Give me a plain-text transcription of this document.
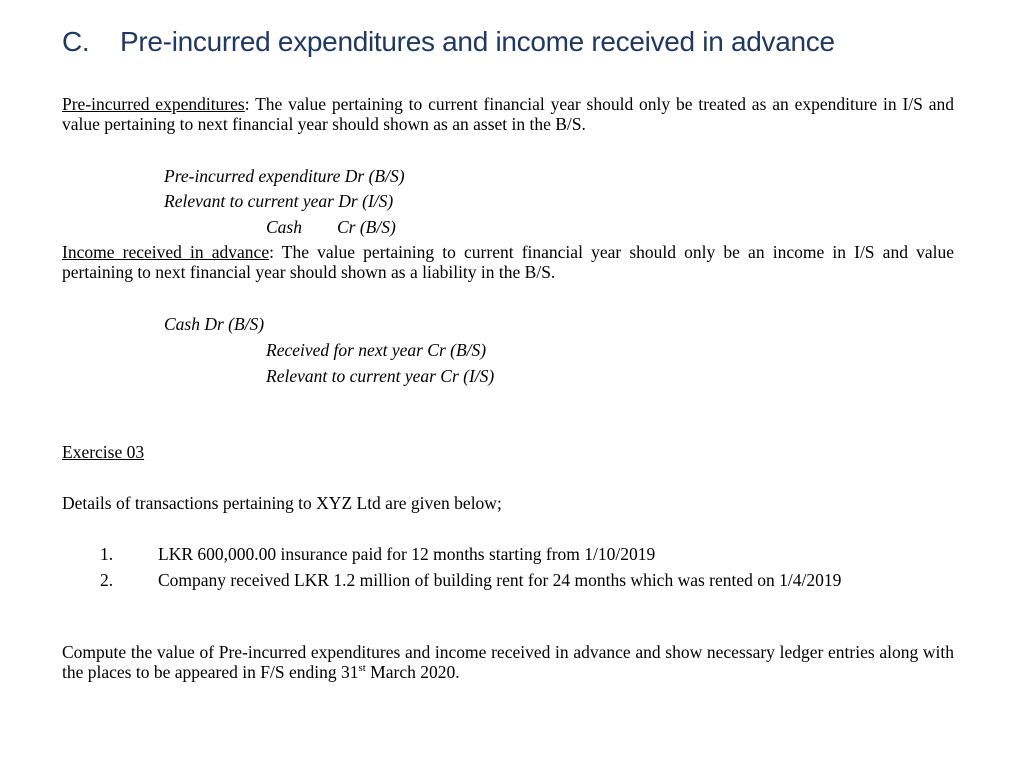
C. Pre-incurred expenditures and income received in advance
Pre-incurred expenditures: The value pertaining to current financial year should only be treated as an expenditure in I/S and value pertaining to next financial year should shown as an asset in the B/S.
Pre-incurred expenditure Dr (B/S)
Relevant to current year Dr (I/S)
Cash        Cr (B/S)
Income received in advance: The value pertaining to current financial year should only be an income in I/S and value pertaining to next financial year should shown as a liability in the B/S.
Cash Dr (B/S)
Received for next year Cr (B/S)
Relevant to current year Cr (I/S)
Exercise 03
Details of transactions pertaining to XYZ Ltd are given below;
1.	LKR 600,000.00 insurance paid for 12 months starting from 1/10/2019
2.	Company received LKR 1.2 million of building rent for 24 months which was rented on 1/4/2019
Compute the value of Pre-incurred expenditures and income received in advance and show necessary ledger entries along with the places to be appeared in F/S ending 31st March 2020.
